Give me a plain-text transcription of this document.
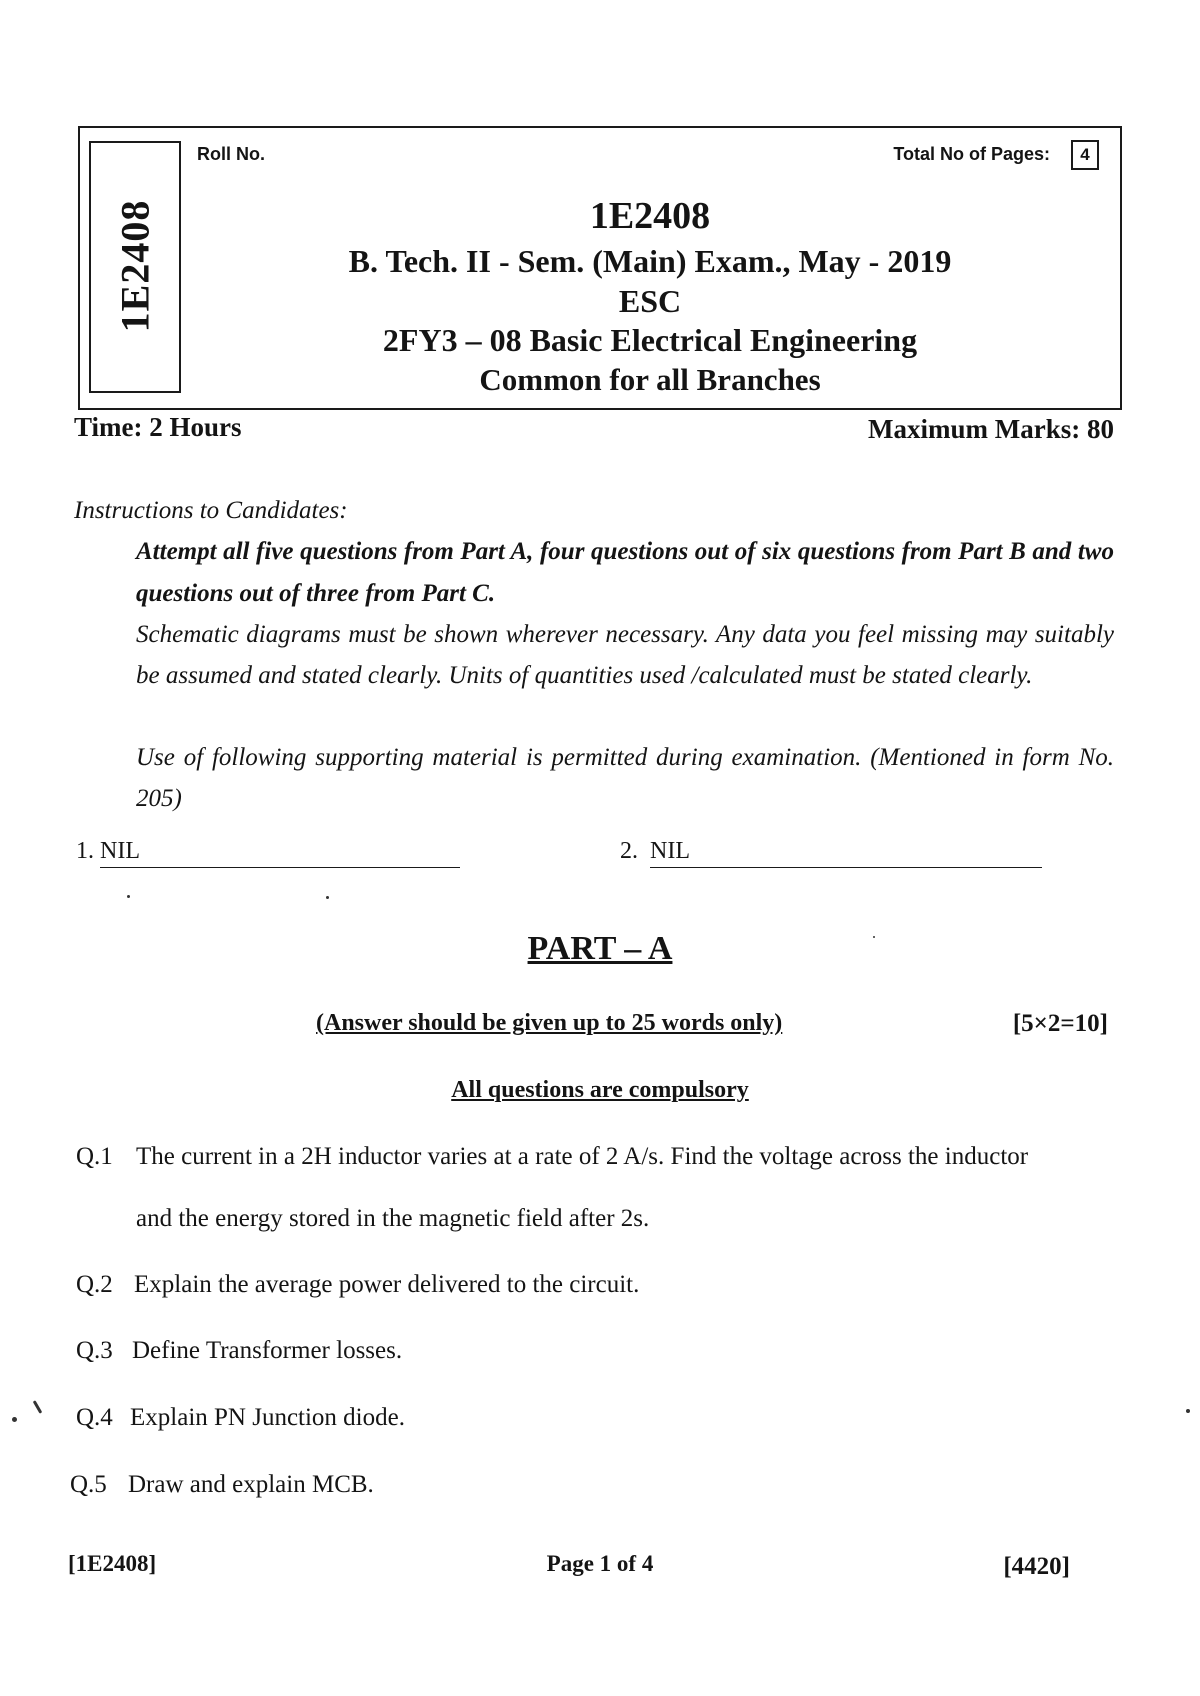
1E2408
Roll No.	Total No of Pages:	4
1E2408
B. Tech. II - Sem. (Main) Exam., May - 2019
ESC
2FY3 – 08 Basic Electrical Engineering
Common for all Branches
Time: 2 Hours	Maximum Marks: 80
Instructions to Candidates:
Attempt all five questions from Part A, four questions out of six questions from Part B and two questions out of three from Part C.
Schematic diagrams must be shown wherever necessary. Any data you feel missing may suitably be assumed and stated clearly. Units of quantities used /calculated must be stated clearly.
Use of following supporting material is permitted during examination. (Mentioned in form No. 205)
1. NIL	2. NIL
PART – A
(Answer should be given up to 25 words only)	[5×2=10]
All questions are compulsory
Q.1 The current in a 2H inductor varies at a rate of 2 A/s. Find the voltage across the inductor
and the energy stored in the magnetic field after 2s.
Q.2 Explain the average power delivered to the circuit.
Q.3 Define Transformer losses.
Q.4 Explain PN Junction diode.
Q.5 Draw and explain MCB.
[1E2408]	Page 1 of 4	[4420]
